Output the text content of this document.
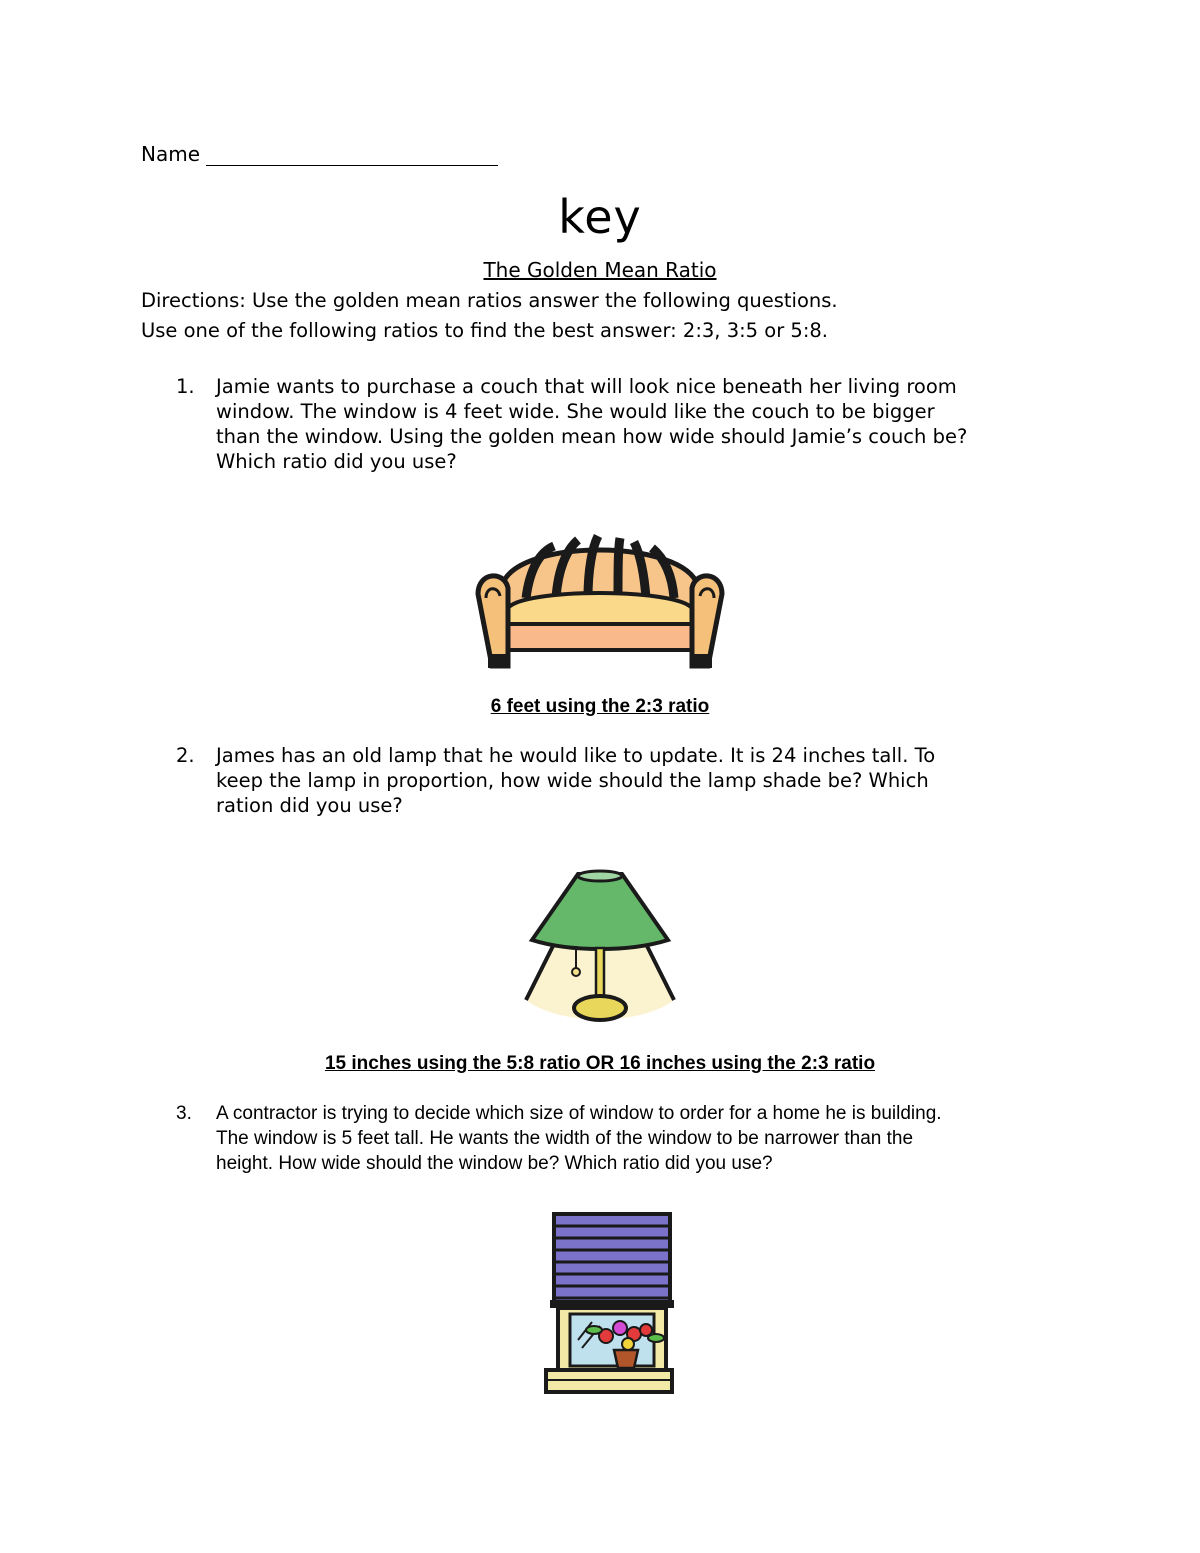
Name
key
The Golden Mean Ratio
Directions: Use the golden mean ratios answer the following questions.
Use one of the following ratios to find the best answer: 2:3, 3:5 or 5:8.
1. Jamie wants to purchase a couch that will look nice beneath her living room
window. The window is 4 feet wide. She would like the couch to be bigger
than the window. Using the golden mean how wide should Jamie’s couch be?
Which ratio did you use?
6 feet using the 2:3 ratio
2. James has an old lamp that he would like to update. It is 24 inches tall. To
keep the lamp in proportion, how wide should the lamp shade be? Which
ration did you use?
15 inches using the 5:8 ratio OR 16 inches using the 2:3 ratio
3. A contractor is trying to decide which size of window to order for a home he is building.
The window is 5 feet tall. He wants the width of the window to be narrower than the
height. How wide should the window be? Which ratio did you use?
